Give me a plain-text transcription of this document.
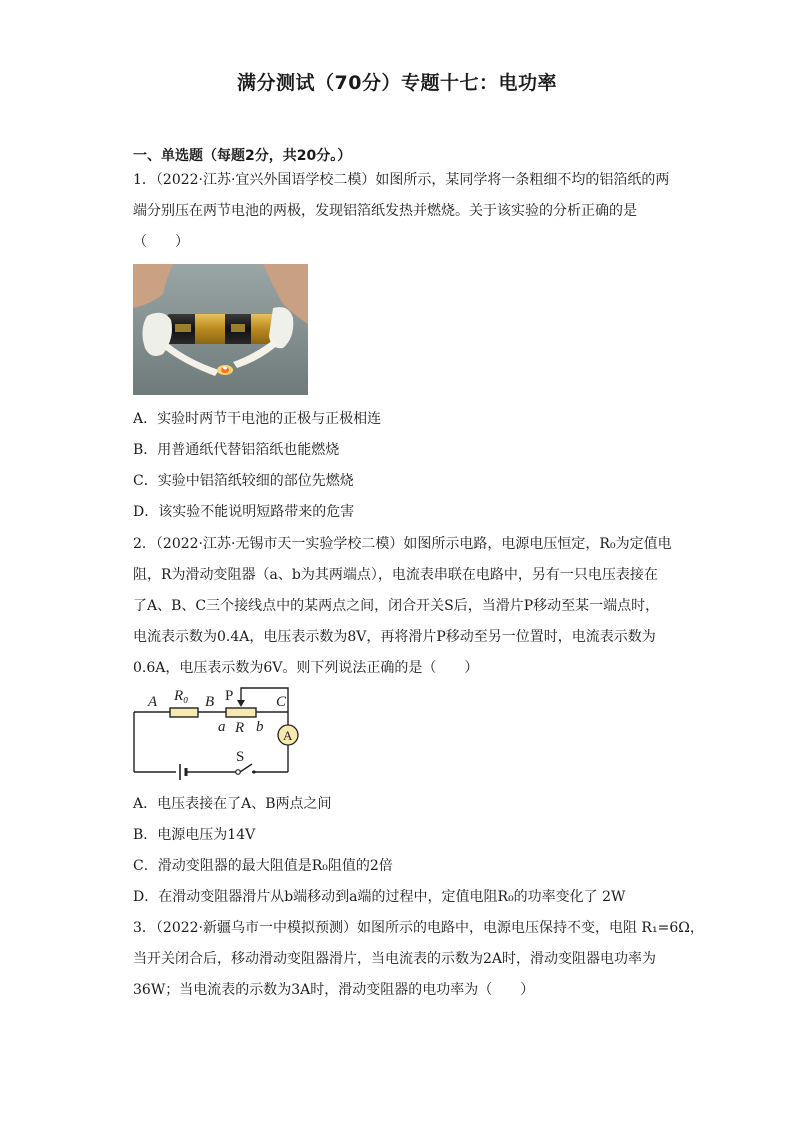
满分测试（70分）专题十七：电功率
一、单选题（每题2分，共20分。）
1．（2022·江苏·宜兴外国语学校二模）如图所示，某同学将一条粗细不均的铝箔纸的两
端分别压在两节电池的两极，发现铝箔纸发热并燃烧。关于该实验的分析正确的是
（　　）
A．实验时两节干电池的正极与正极相连
B．用普通纸代替铝箔纸也能燃烧
C．实验中铝箔纸较细的部位先燃烧
D．该实验不能说明短路带来的危害
2．（2022·江苏·无锡市天一实验学校二模）如图所示电路，电源电压恒定，R₀为定值电
阻，R为滑动变阻器（a、b为其两端点），电流表串联在电路中，另有一只电压表接在
了A、B、C三个接线点中的某两点之间，闭合开关S后，当滑片P移动至某一端点时，
电流表示数为0.4A，电压表示数为8V，再将滑片P移动至另一位置时，电流表示数为
0.6A，电压表示数为6V。则下列说法正确的是（　　）
A	B	C
R₀
a R b
P
A
S
A．电压表接在了A、B两点之间
B．电源电压为14V
C．滑动变阻器的最大阻值是R₀阻值的2倍
D．在滑动变阻器滑片从b端移动到a端的过程中，定值电阻R₀的功率变化了 2W
3．（2022·新疆乌市一中模拟预测）如图所示的电路中，电源电压保持不变，电阻 R₁=6Ω，
当开关闭合后，移动滑动变阻器滑片，当电流表的示数为2A时，滑动变阻器电功率为
36W；当电流表的示数为3A时，滑动变阻器的电功率为（　　）
